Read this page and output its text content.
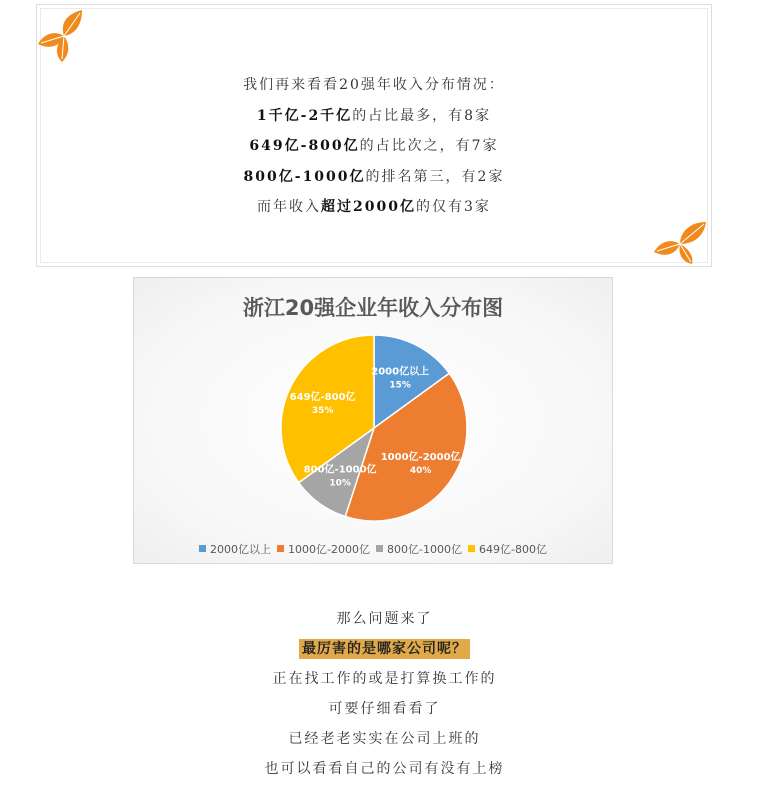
我们再来看看20强年收入分布情况：
1千亿-2千亿的占比最多，有8家
649亿-800亿的占比次之，有7家
800亿-1000亿的排名第三，有2家
而年收入超过2000亿的仅有3家
浙江20强企业年收入分布图
2000亿以上
15%
1000亿-2000亿
40%
800亿-1000亿
10%
649亿-800亿
35%
2000亿以上 1000亿-2000亿 800亿-1000亿 649亿-800亿
那么问题来了
最厉害的是哪家公司呢？
正在找工作的或是打算换工作的
可要仔细看看了
已经老老实实在公司上班的
也可以看看自己的公司有没有上榜
